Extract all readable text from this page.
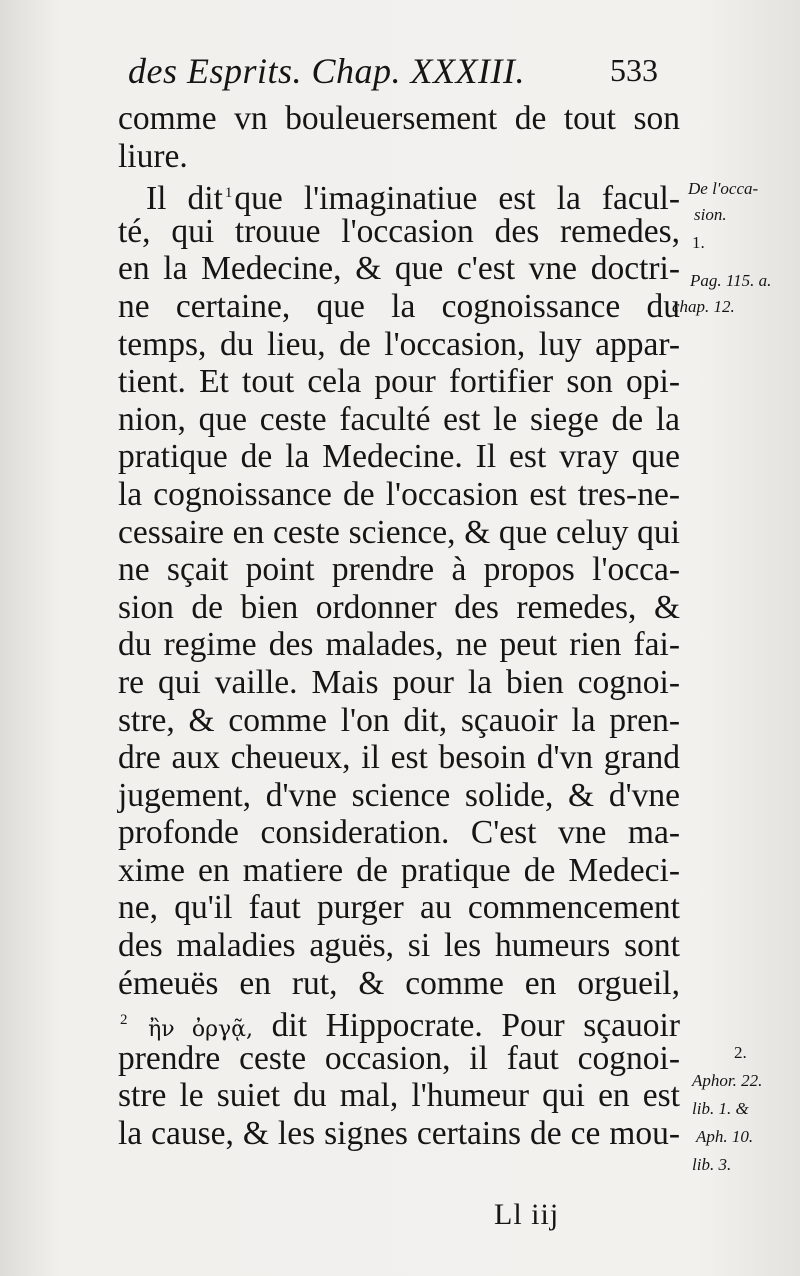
des Esprits. Chap. XXXIII.	533
comme vn bouleuersement de tout son
liure.
Il dit $^1$que l'imaginatiue est la facul-
té, qui trouue l'occasion des remedes,
en la Medecine, & que c'est vne doctri-
ne certaine, que la cognoissance du
temps, du lieu, de l'occasion, luy appar-
tient. Et tout cela pour fortifier son opi-
nion, que ceste faculté est le siege de la
pratique de la Medecine. Il est vray que
la cognoissance de l'occasion est tres-ne-
cessaire en ceste science, & que celuy qui
ne sçait point prendre à propos l'occa-
sion de bien ordonner des remedes, &
du regime des malades, ne peut rien fai-
re qui vaille. Mais pour la bien cognoi-
stre, & comme l'on dit, sçauoir la pren-
dre aux cheueux, il est besoin d'vn grand
jugement, d'vne science solide, & d'vne
profonde consideration. C'est vne ma-
xime en matiere de pratique de Medeci-
ne, qu'il faut purger au commencement
des maladies aguës, si les humeurs sont
émeuës en rut, & comme en orgueil,
$^2$ ἢν ὀργᾷ, dit Hippocrate. Pour sçauoir
prendre ceste occasion, il faut cognoi-
stre le suiet du mal, l'humeur qui en est
la cause, & les signes certains de ce mou-
De l'occa-
sion.
1.
Pag. 115. a.
chap. 12.
2.
Aphor. 22.
lib. 1. &
Aph. 10.
lib. 3.
Ll iij
